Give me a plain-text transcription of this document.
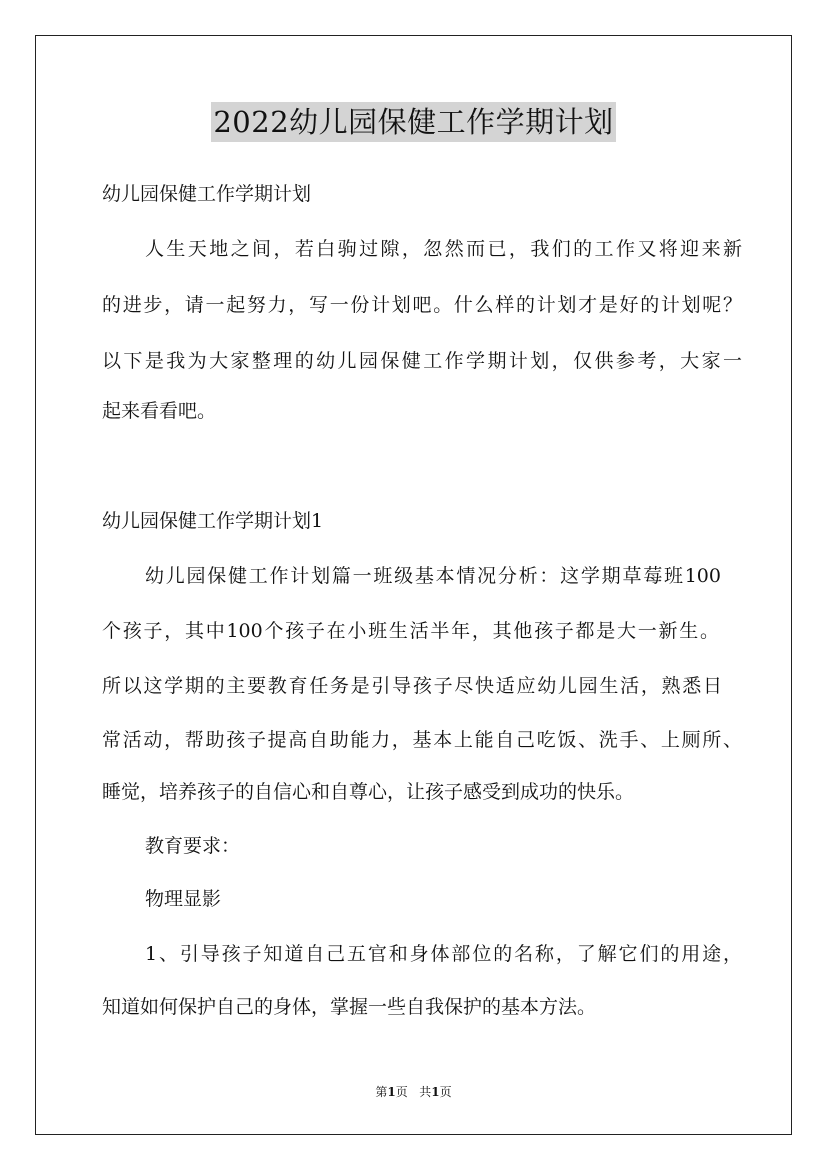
2022幼儿园保健工作学期计划

幼儿园保健工作学期计划

人生天地之间，若白驹过隙，忽然而已，我们的工作又将迎来新

的进步，请一起努力，写一份计划吧。什么样的计划才是好的计划呢？

以下是我为大家整理的幼儿园保健工作学期计划，仅供参考，大家一

起来看看吧。

幼儿园保健工作学期计划1

幼儿园保健工作计划篇一班级基本情况分析：这学期草莓班100

个孩子，其中100个孩子在小班生活半年，其他孩子都是大一新生。

所以这学期的主要教育任务是引导孩子尽快适应幼儿园生活，熟悉日

常活动，帮助孩子提高自助能力，基本上能自己吃饭、洗手、上厕所、

睡觉，培养孩子的自信心和自尊心，让孩子感受到成功的快乐。

教育要求：

物理显影

1、引导孩子知道自己五官和身体部位的名称，了解它们的用途，

知道如何保护自己的身体，掌握一些自我保护的基本方法。

第1页 共1页
